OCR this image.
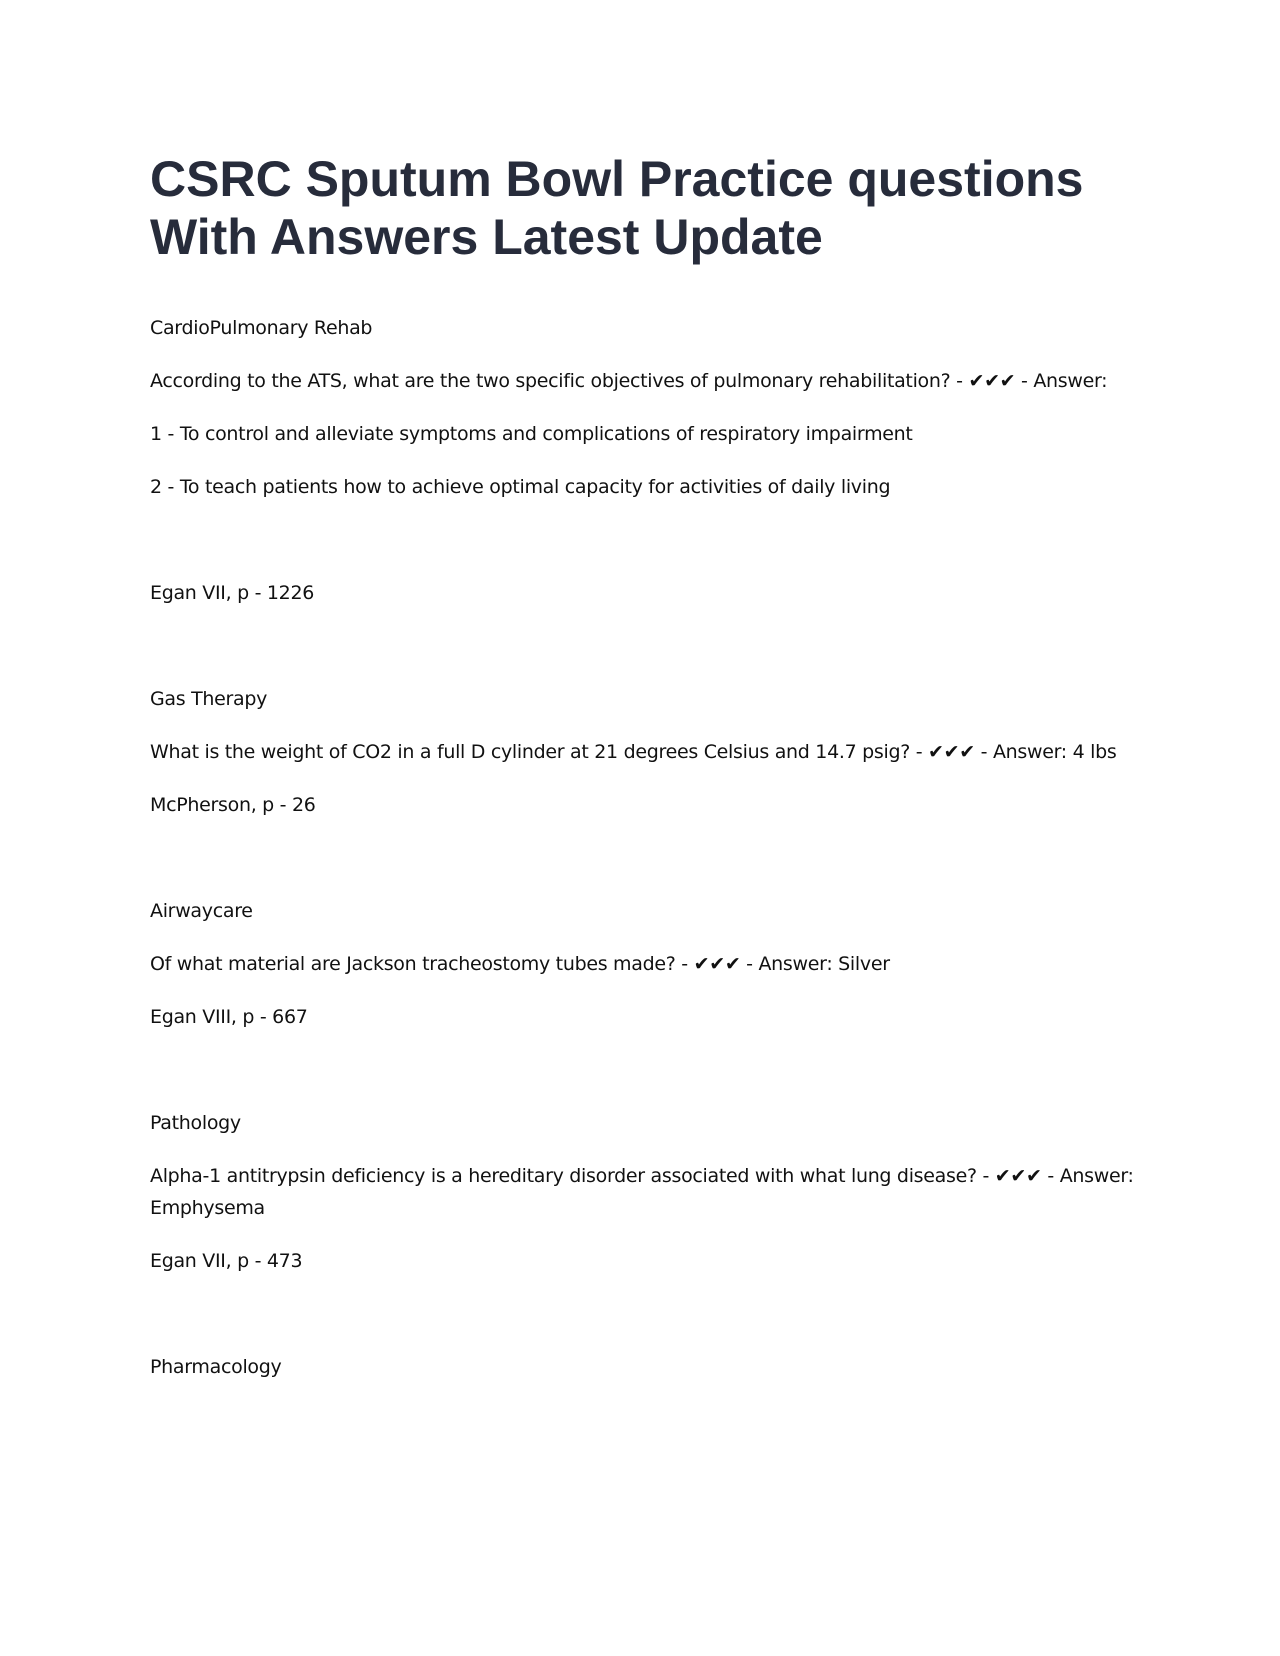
CSRC Sputum Bowl Practice questions With Answers Latest Update
CardioPulmonary Rehab
According to the ATS, what are the two specific objectives of pulmonary rehabilitation? - ✔✔✔ - Answer:
1 - To control and alleviate symptoms and complications of respiratory impairment
2 - To teach patients how to achieve optimal capacity for activities of daily living
Egan VII, p - 1226
Gas Therapy
What is the weight of CO2 in a full D cylinder at 21 degrees Celsius and 14.7 psig? - ✔✔✔ - Answer: 4 lbs
McPherson, p - 26
Airwaycare
Of what material are Jackson tracheostomy tubes made? - ✔✔✔ - Answer: Silver
Egan VIII, p - 667
Pathology
Alpha-1 antitrypsin deficiency is a hereditary disorder associated with what lung disease? - ✔✔✔ - Answer: Emphysema
Egan VII, p - 473
Pharmacology
